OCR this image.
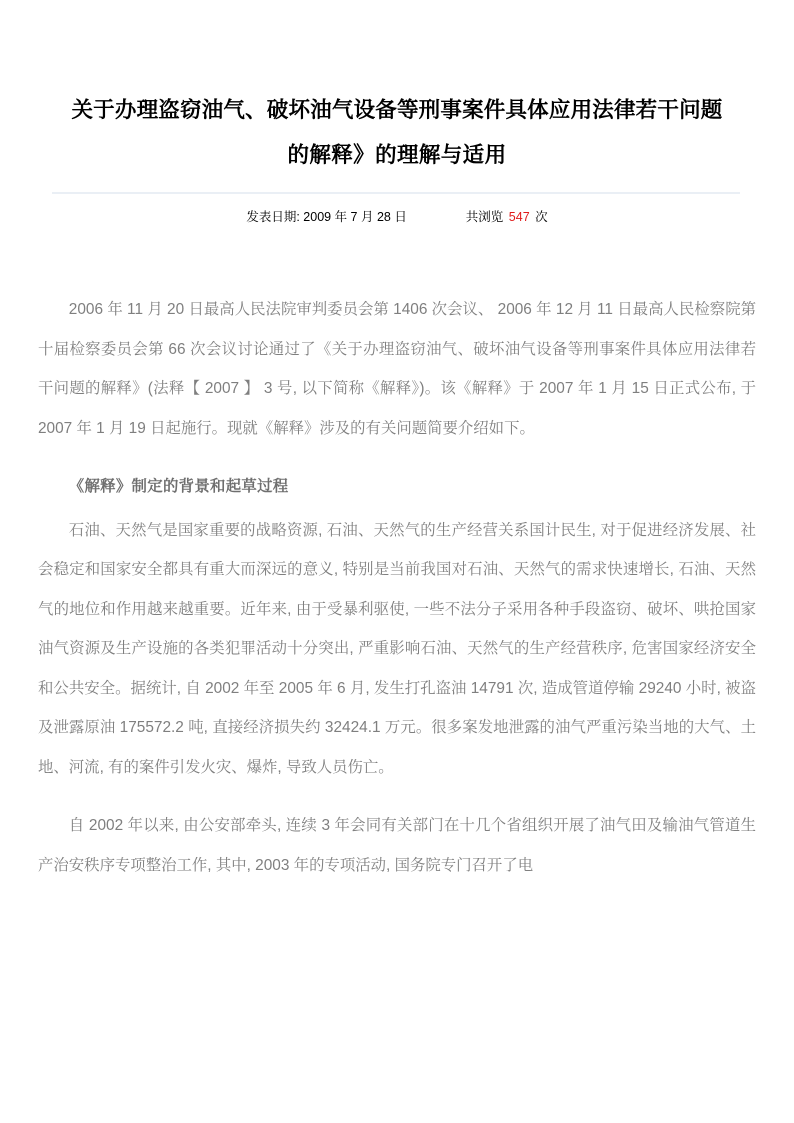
关于办理盗窃油气、破坏油气设备等刑事案件具体应用法律若干问题
的解释》的理解与适用
发表日期: 2009 年 7 月 28 日	共浏览 547 次

2006 年 11 月 20 日最高人民法院审判委员会第 1406 次会议、 2006 年 12 月 11 日最高人民检察院第十届检察委员会第 66 次会议讨论通过了《关于办理盗窃油气、破坏油气设备等刑事案件具体应用法律若干问题的解释》(法释【 2007 】 3 号, 以下简称《解释》)。该《解释》于 2007 年 1 月 15 日正式公布, 于 2007 年 1 月 19 日起施行。现就《解释》涉及的有关问题简要介绍如下。

《解释》制定的背景和起草过程

石油、天然气是国家重要的战略资源, 石油、天然气的生产经营关系国计民生, 对于促进经济发展、社会稳定和国家安全都具有重大而深远的意义, 特别是当前我国对石油、天然气的需求快速增长, 石油、天然气的地位和作用越来越重要。近年来, 由于受暴利驱使, 一些不法分子采用各种手段盗窃、破坏、哄抢国家油气资源及生产设施的各类犯罪活动十分突出, 严重影响石油、天然气的生产经营秩序, 危害国家经济安全和公共安全。据统计, 自 2002 年至 2005 年 6 月, 发生打孔盗油 14791 次, 造成管道停输 29240 小时, 被盗及泄露原油 175572.2 吨, 直接经济损失约 32424.1 万元。很多案发地泄露的油气严重污染当地的大气、土地、河流, 有的案件引发火灾、爆炸, 导致人员伤亡。

自 2002 年以来, 由公安部牵头, 连续 3 年会同有关部门在十几个省组织开展了油气田及输油气管道生产治安秩序专项整治工作, 其中, 2003 年的专项活动, 国务院专门召开了电
